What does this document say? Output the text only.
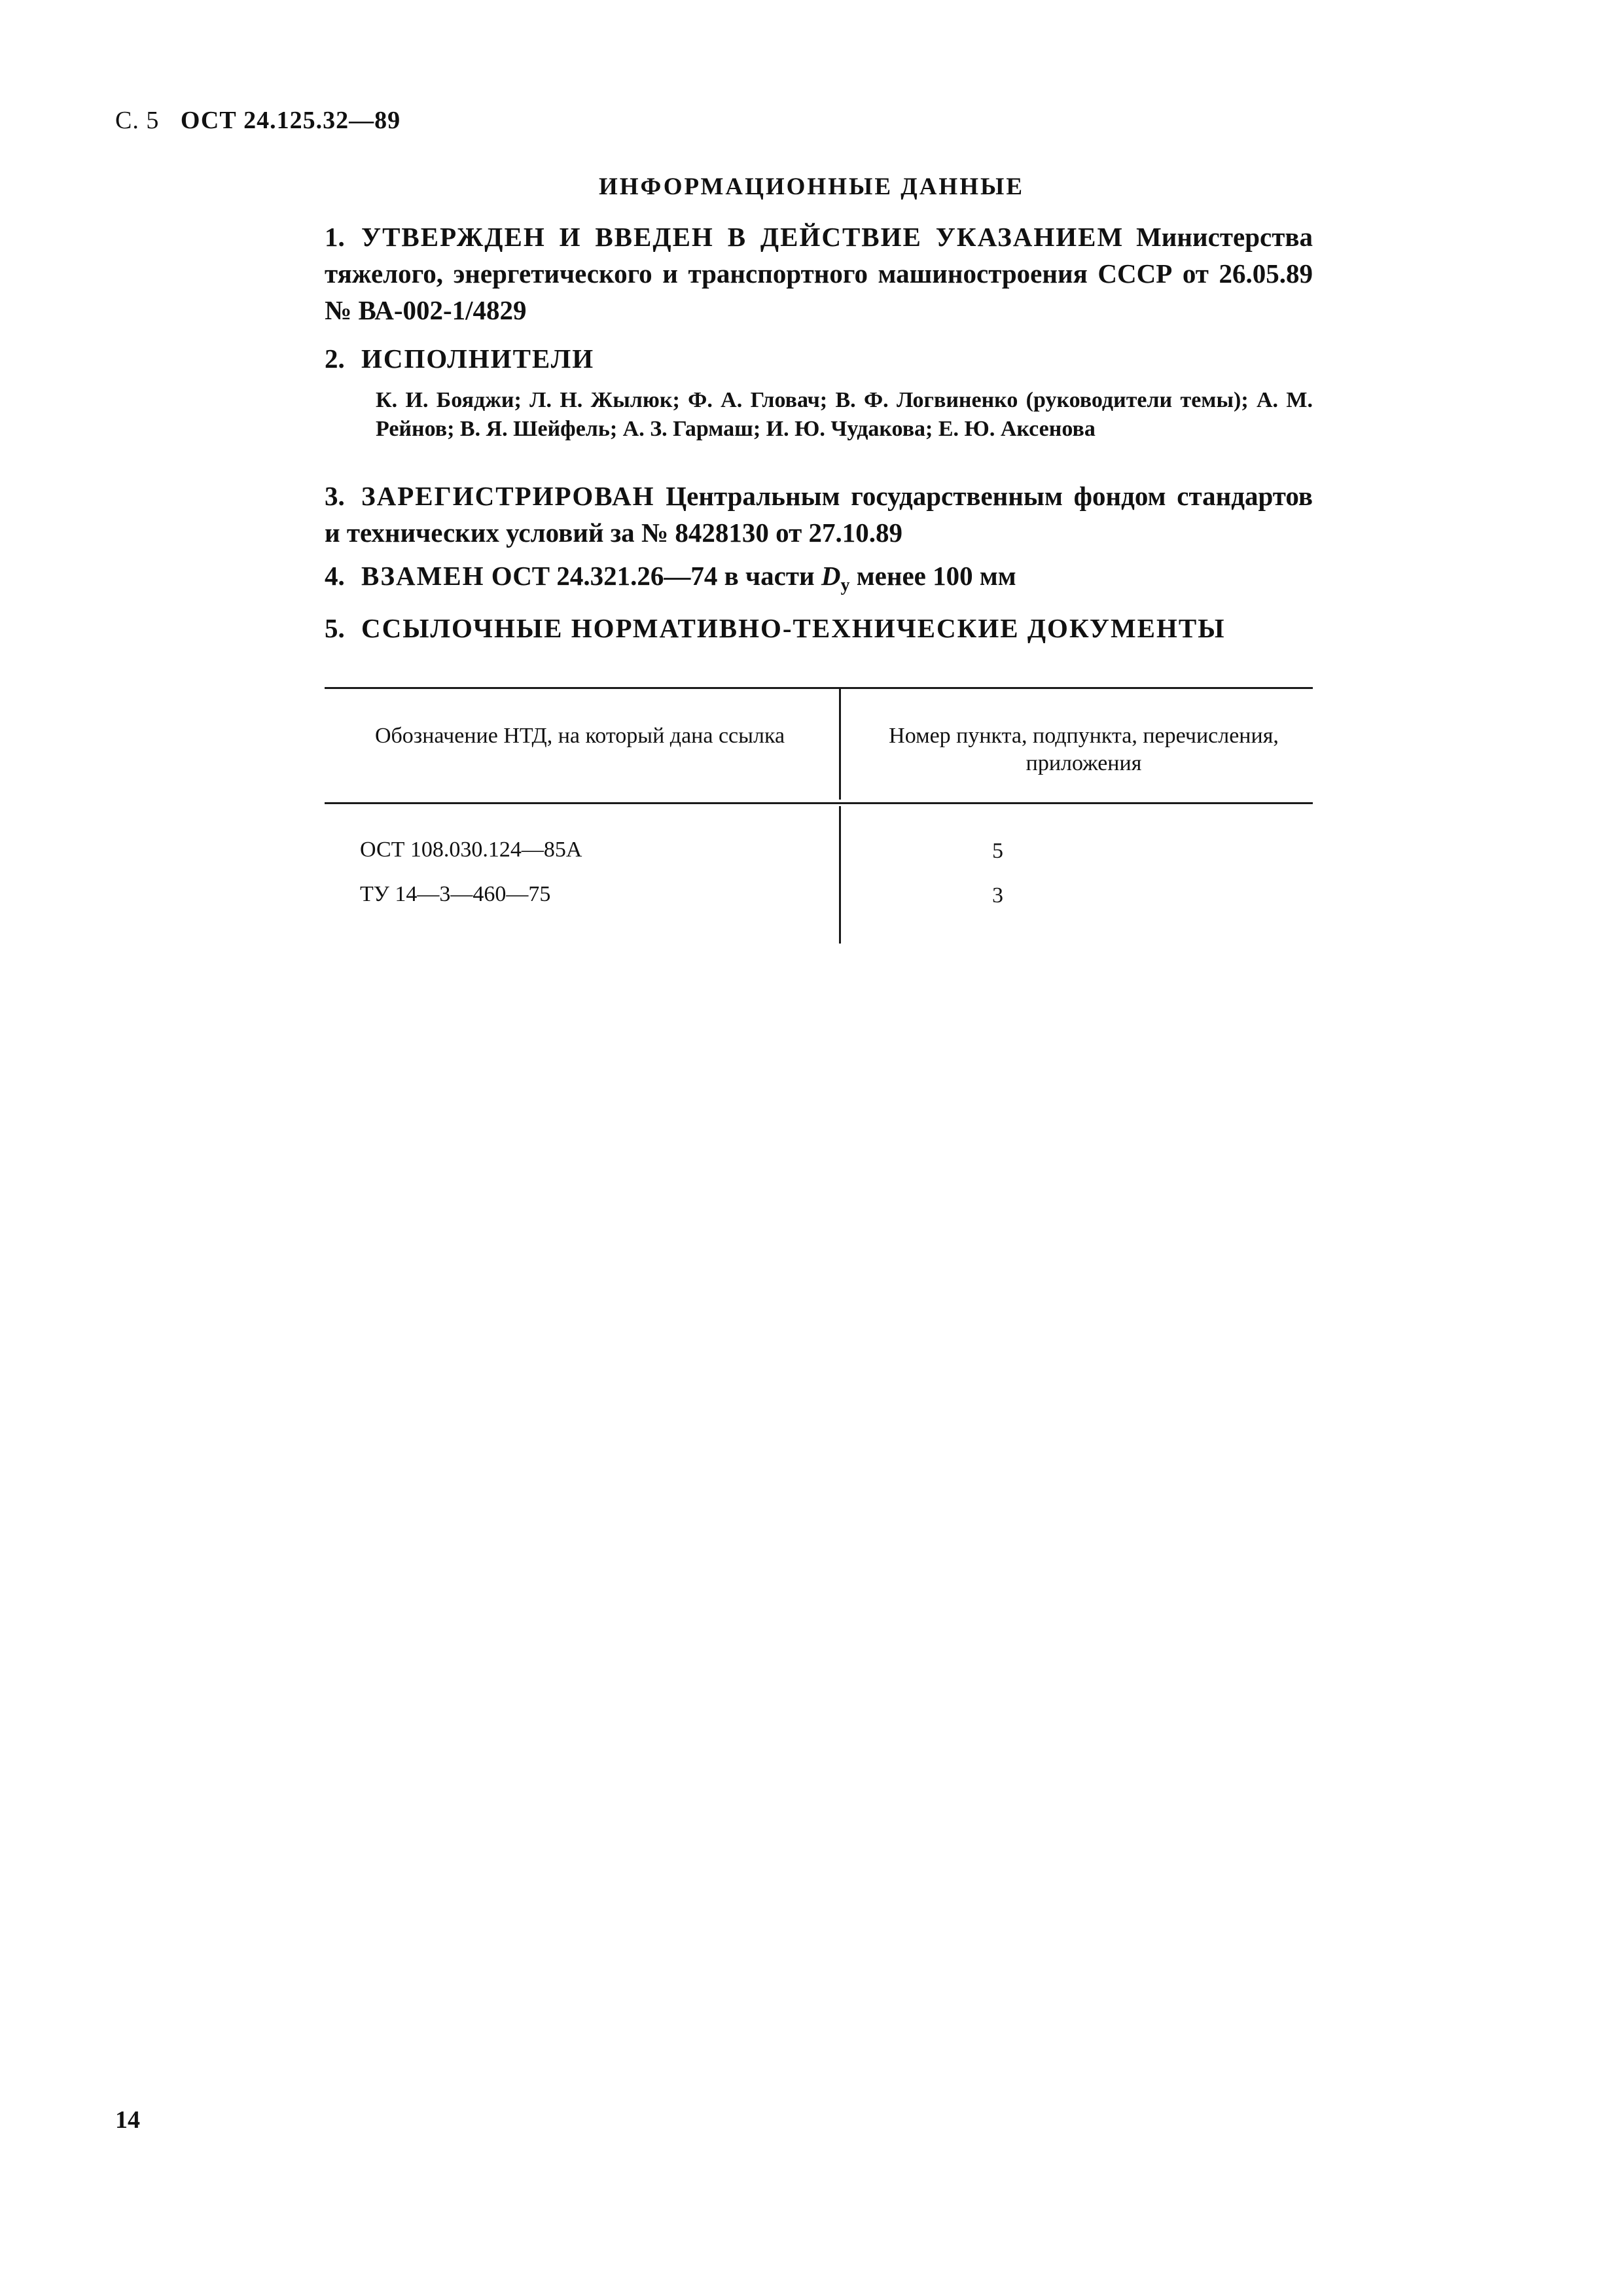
С. 5 ОСТ 24.125.32—89
ИНФОРМАЦИОННЫЕ ДАННЫЕ
1. УТВЕРЖДЕН И ВВЕДЕН В ДЕЙСТВИЕ УКАЗАНИЕМ Министерства тяжелого, энергетического и транспортного машиностроения СССР от 26.05.89 № ВА-002-1/4829
2. ИСПОЛНИТЕЛИ
К. И. Бояджи; Л. Н. Жылюк; Ф. А. Гловач; В. Ф. Логвиненко (руководители темы); А. М. Рейнов; В. Я. Шейфель; А. З. Гармаш; И. Ю. Чудакова; Е. Ю. Аксенова
3. ЗАРЕГИСТРИРОВАН Центральным государственным фондом стандартов и технических условий за № 8428130 от 27.10.89
4. ВЗАМЕН ОСТ 24.321.26—74 в части $D_у$ менее 100 мм
5. ССЫЛОЧНЫЕ НОРМАТИВНО-ТЕХНИЧЕСКИЕ ДОКУМЕНТЫ
Обозначение НТД, на который дана ссылка	Номер пункта, подпункта, перечисления, приложения
ОСТ 108.030.124—85А	5
ТУ 14—3—460—75	3
14
